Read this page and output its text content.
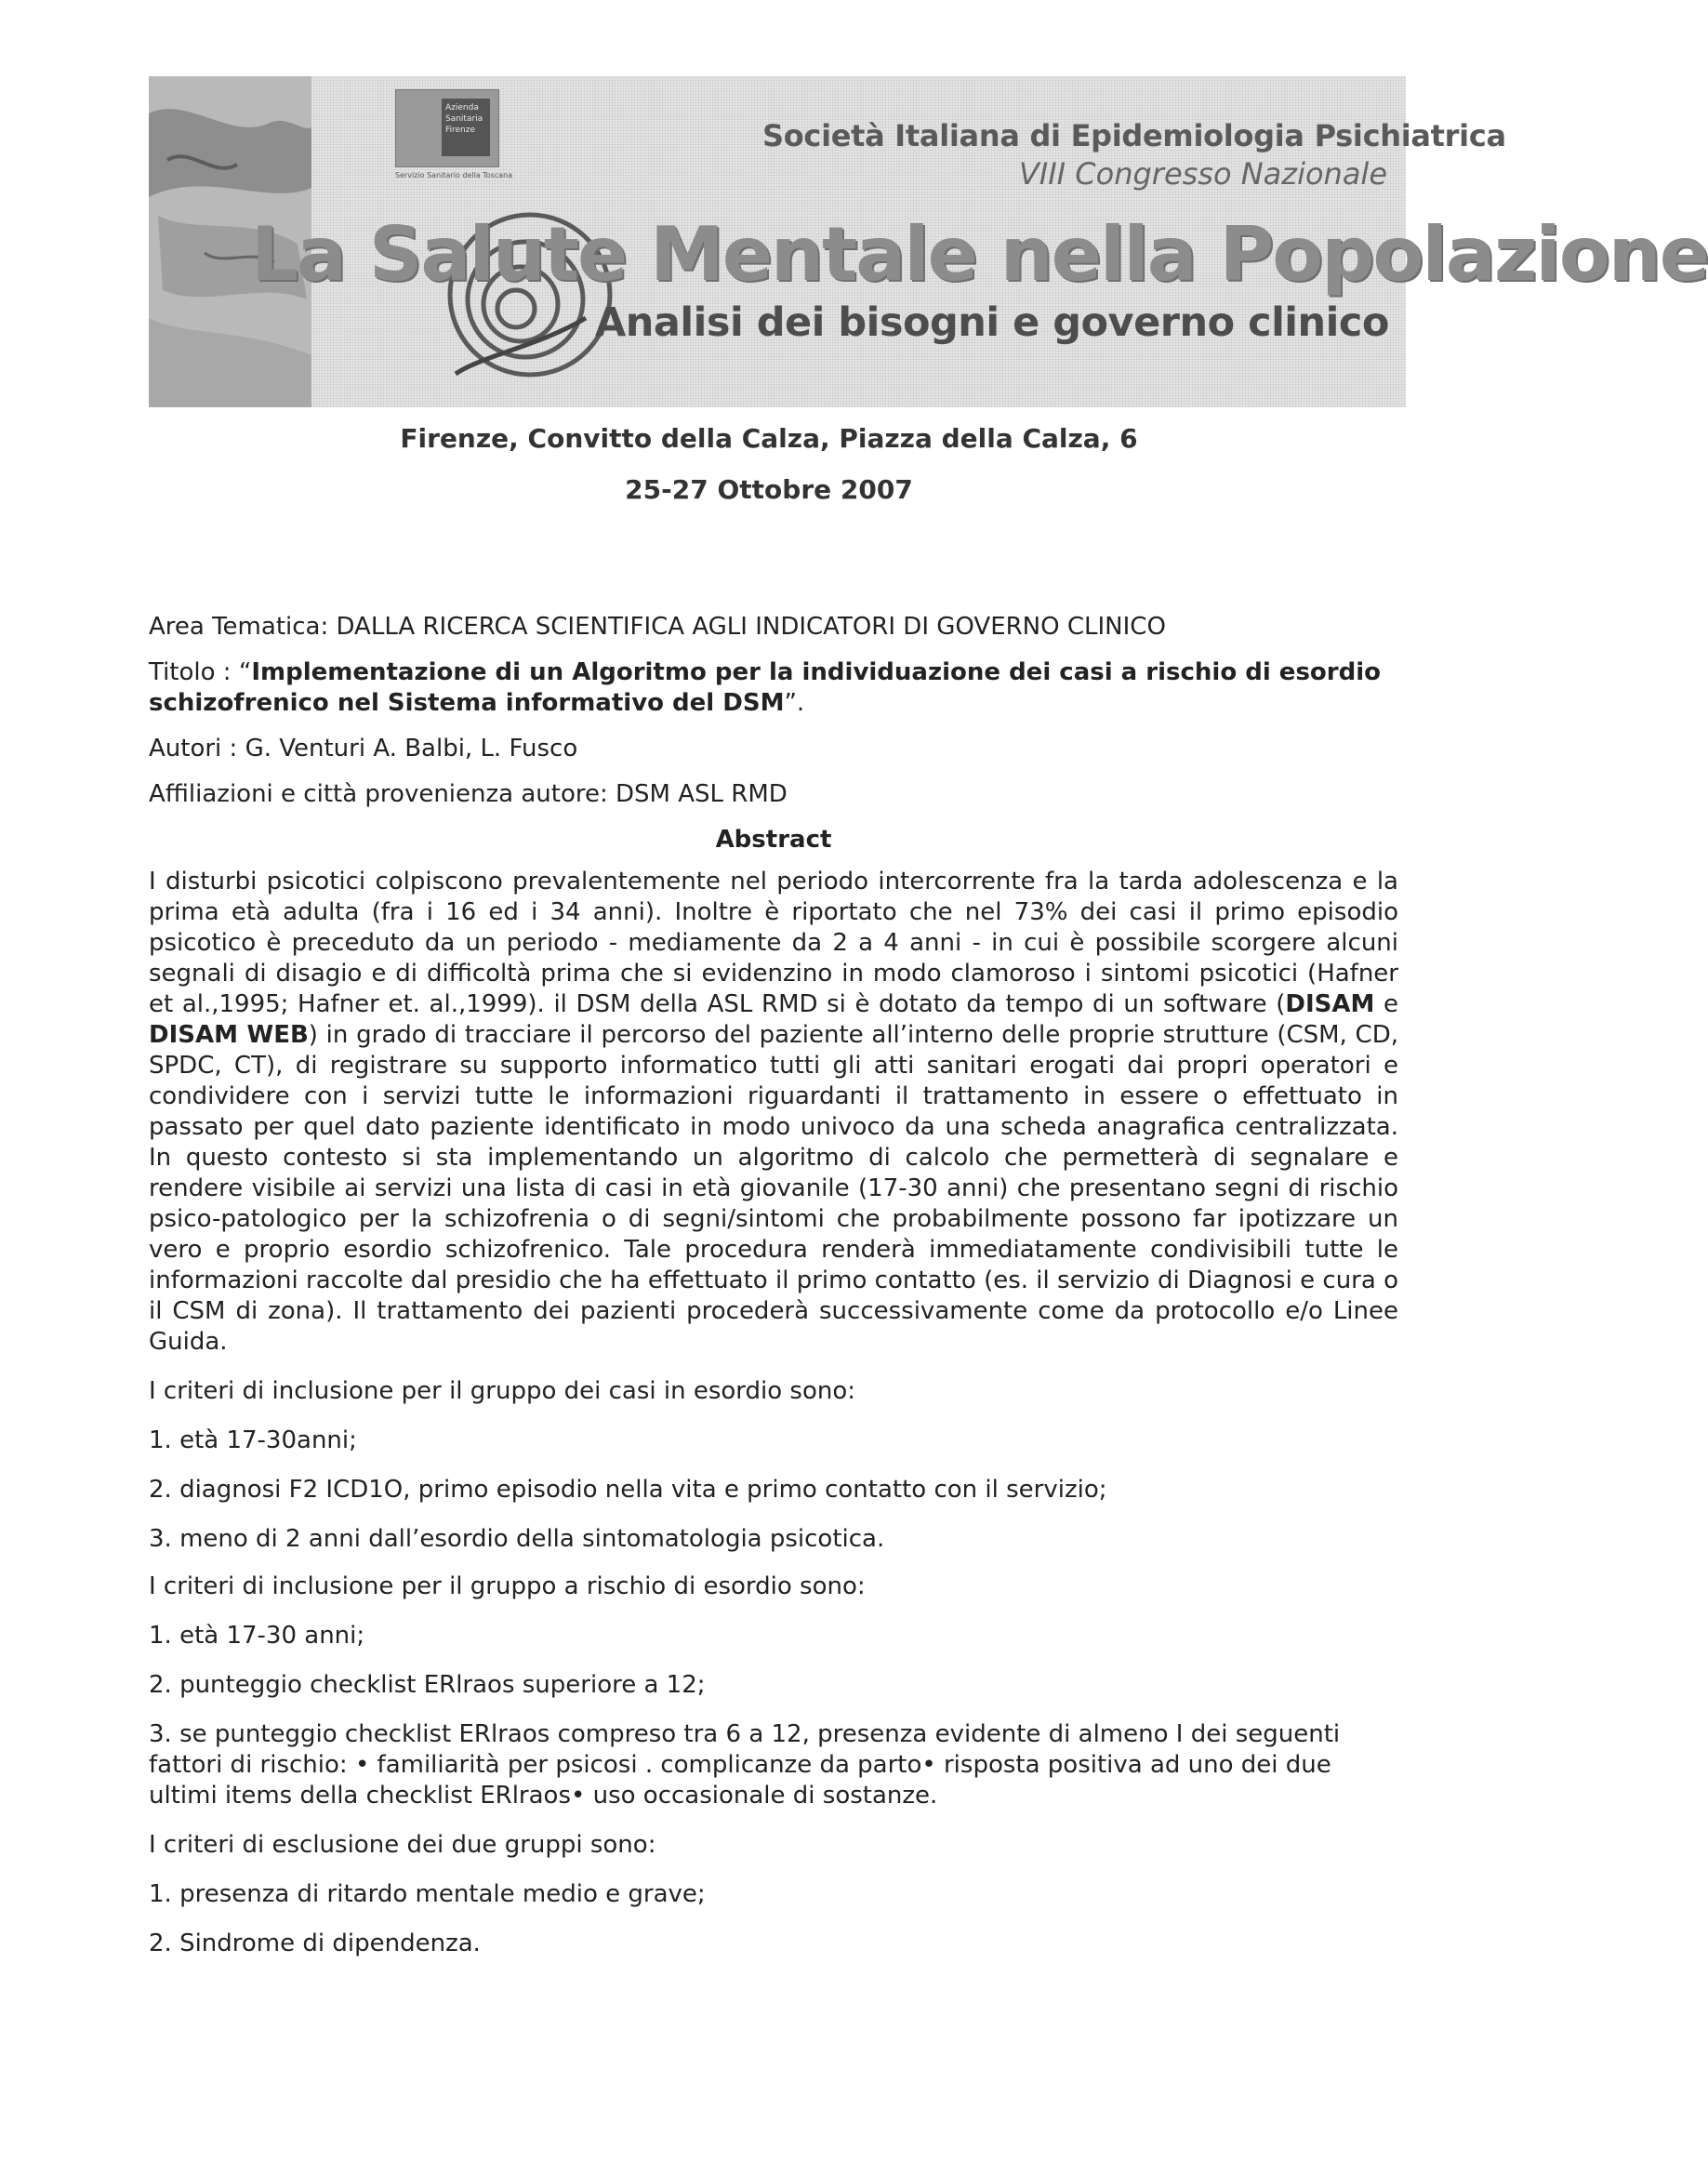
Azienda Sanitaria Firenze
Servizio Sanitario della Toscana
Società Italiana di Epidemiologia Psichiatrica
VIII Congresso Nazionale
La Salute Mentale nella Popolazione
Analisi dei bisogni e governo clinico
Firenze, Convitto della Calza, Piazza della Calza, 6
25-27 Ottobre 2007

Area Tematica: DALLA RICERCA SCIENTIFICA AGLI INDICATORI DI GOVERNO CLINICO

Titolo : “Implementazione di un Algoritmo per la individuazione dei casi a rischio di esordio schizofrenico nel Sistema informativo del DSM”.

Autori : G. Venturi A. Balbi, L. Fusco

Affiliazioni e città provenienza autore: DSM ASL RMD

Abstract

I disturbi psicotici colpiscono prevalentemente nel periodo intercorrente fra la tarda adolescenza e la prima età adulta (fra i 16 ed i 34 anni). Inoltre è riportato che nel 73% dei casi il primo episodio psicotico è preceduto da un periodo - mediamente da 2 a 4 anni - in cui è possibile scorgere alcuni segnali di disagio e di difficoltà prima che si evidenzino in modo clamoroso i sintomi psicotici (Hafner et al.,1995; Hafner et. al.,1999). il DSM della ASL RMD si è dotato da tempo di un software (DISAM e DISAM WEB) in grado di tracciare il percorso del paziente all’interno delle proprie strutture (CSM, CD, SPDC, CT), di registrare su supporto informatico tutti gli atti sanitari erogati dai propri operatori e condividere con i servizi tutte le informazioni riguardanti il trattamento in essere o effettuato in passato per quel dato paziente identificato in modo univoco da una scheda anagrafica centralizzata. In questo contesto si sta implementando un algoritmo di calcolo che permetterà di segnalare e rendere visibile ai servizi una lista di casi in età giovanile (17-30 anni) che presentano segni di rischio psico-patologico per la schizofrenia o di segni/sintomi che probabilmente possono far ipotizzare un vero e proprio esordio schizofrenico. Tale procedura renderà immediatamente condivisibili tutte le informazioni raccolte dal presidio che ha effettuato il primo contatto (es. il servizio di Diagnosi e cura o il CSM di zona). Il trattamento dei pazienti procederà successivamente come da protocollo e/o Linee Guida.

I criteri di inclusione per il gruppo dei casi in esordio sono:

1. età 17-30anni;

2. diagnosi F2 ICD1O, primo episodio nella vita e primo contatto con il servizio;

3. meno di 2 anni dall’esordio della sintomatologia psicotica.

I criteri di inclusione per il gruppo a rischio di esordio sono:

1. età 17-30 anni;

2. punteggio checklist ERlraos superiore a 12;

3. se punteggio checklist ERlraos compreso tra 6 a 12, presenza evidente di almeno I dei seguenti fattori di rischio: • familiarità per psicosi . complicanze da parto• risposta positiva ad uno dei due ultimi items della checklist ERlraos• uso occasionale di sostanze.

I criteri di esclusione dei due gruppi sono:

1. presenza di ritardo mentale medio e grave;

2. Sindrome di dipendenza.
